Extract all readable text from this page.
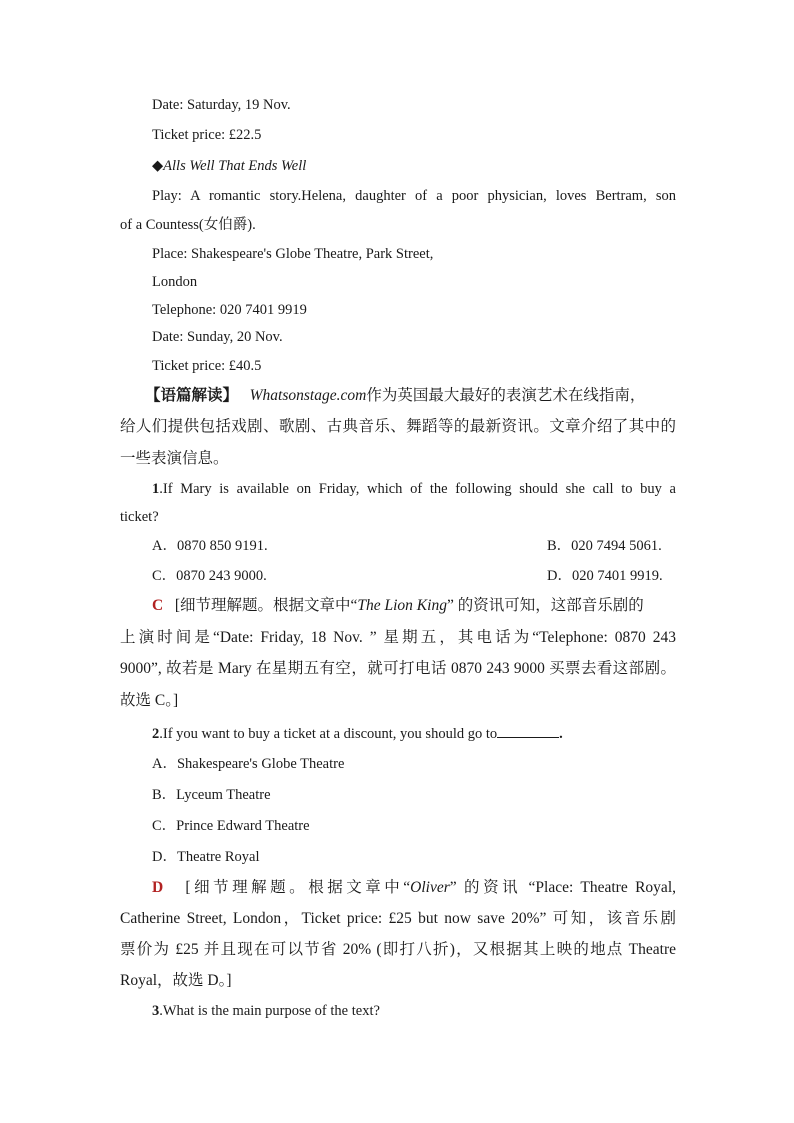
Date: Saturday, 19 Nov.
Ticket price: £22.5
◆Alls Well That Ends Well
Play: A romantic story.Helena, daughter of a poor physician, loves Bertram, son
of a Countess(女伯爵).
Place: Shakespeare's Globe Theatre, Park Street,
London
Telephone: 020 7401 9919
Date: Sunday, 20 Nov.
Ticket price: £40.5
【语篇解读】 Whatsonstage.com作为英国最大最好的表演艺术在线指南，
给人们提供包括戏剧、歌剧、古典音乐、舞蹈等的最新资讯。文章介绍了其中的
一些表演信息。
1.If Mary is available on Friday, which of the following should she call to buy a
ticket?
A．0870 850 9191.	B．020 7494 5061.
C．0870 243 9000.	D．020 7401 9919.
C [细节理解题。根据文章中“The Lion King” 的资讯可知，这部音乐剧的
上演时间是“Date: Friday, 18 Nov. ” 星期五，其电话为“Telephone: 0870 243
9000”, 故若是 Mary 在星期五有空，就可打电话 0870 243 9000 买票去看这部剧。
故选 C。]
2.If you want to buy a ticket at a discount, you should go to	.
A．Shakespeare's Globe Theatre
B．Lyceum Theatre
C．Prince Edward Theatre
D．Theatre Royal
D [细节理解题。根据文章中“Oliver” 的资讯 “Place: Theatre Royal,
Catherine Street, London，Ticket price: £25 but now save 20%” 可知，该音乐剧
票价为 £25 并且现在可以节省 20% (即打八折)，又根据其上映的地点 Theatre
Royal，故选 D。]
3.What is the main purpose of the text?
